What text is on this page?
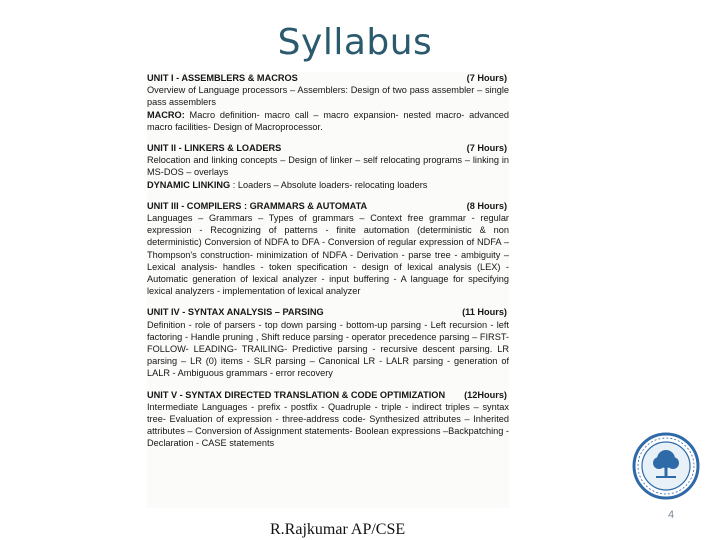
Syllabus
UNIT I - ASSEMBLERS & MACROS	(7 Hours)

Overview of Language processors – Assemblers: Design of two pass assembler – single pass assemblers

MACRO: Macro definition- macro call – macro expansion- nested macro- advanced macro facilities- Design of Macroprocessor.

UNIT II - LINKERS & LOADERS	(7 Hours)

Relocation and linking concepts – Design of linker – self relocating programs – linking in MS-DOS – overlays

DYNAMIC LINKING : Loaders – Absolute loaders- relocating loaders

UNIT III - COMPILERS : GRAMMARS & AUTOMATA	(8 Hours)

Languages – Grammars – Types of grammars – Context free grammar - regular expression - Recognizing of patterns - finite automation (deterministic & non deterministic) Conversion of NDFA to DFA - Conversion of regular expression of NDFA – Thompson's construction- minimization of NDFA - Derivation - parse tree - ambiguity – Lexical analysis- handles - token specification - design of lexical analysis (LEX) - Automatic generation of lexical analyzer - input buffering - A language for specifying lexical analyzers - implementation of lexical analyzer

UNIT IV - SYNTAX ANALYSIS – PARSING	(11 Hours)

Definition - role of parsers - top down parsing - bottom-up parsing - Left recursion - left factoring - Handle pruning , Shift reduce parsing - operator precedence parsing – FIRST- FOLLOW- LEADING- TRAILING- Predictive parsing - recursive descent parsing. LR parsing – LR (0) items - SLR parsing – Canonical LR - LALR parsing - generation of LALR - Ambiguous grammars - error recovery

UNIT V - SYNTAX DIRECTED TRANSLATION & CODE OPTIMIZATION (12Hours)

Intermediate Languages - prefix - postfix - Quadruple - triple - indirect triples – syntax tree- Evaluation of expression - three-address code- Synthesized attributes – Inherited attributes – Conversion of Assignment statements- Boolean expressions –Backpatching - Declaration - CASE statements

4
R.Rajkumar AP/CSE
